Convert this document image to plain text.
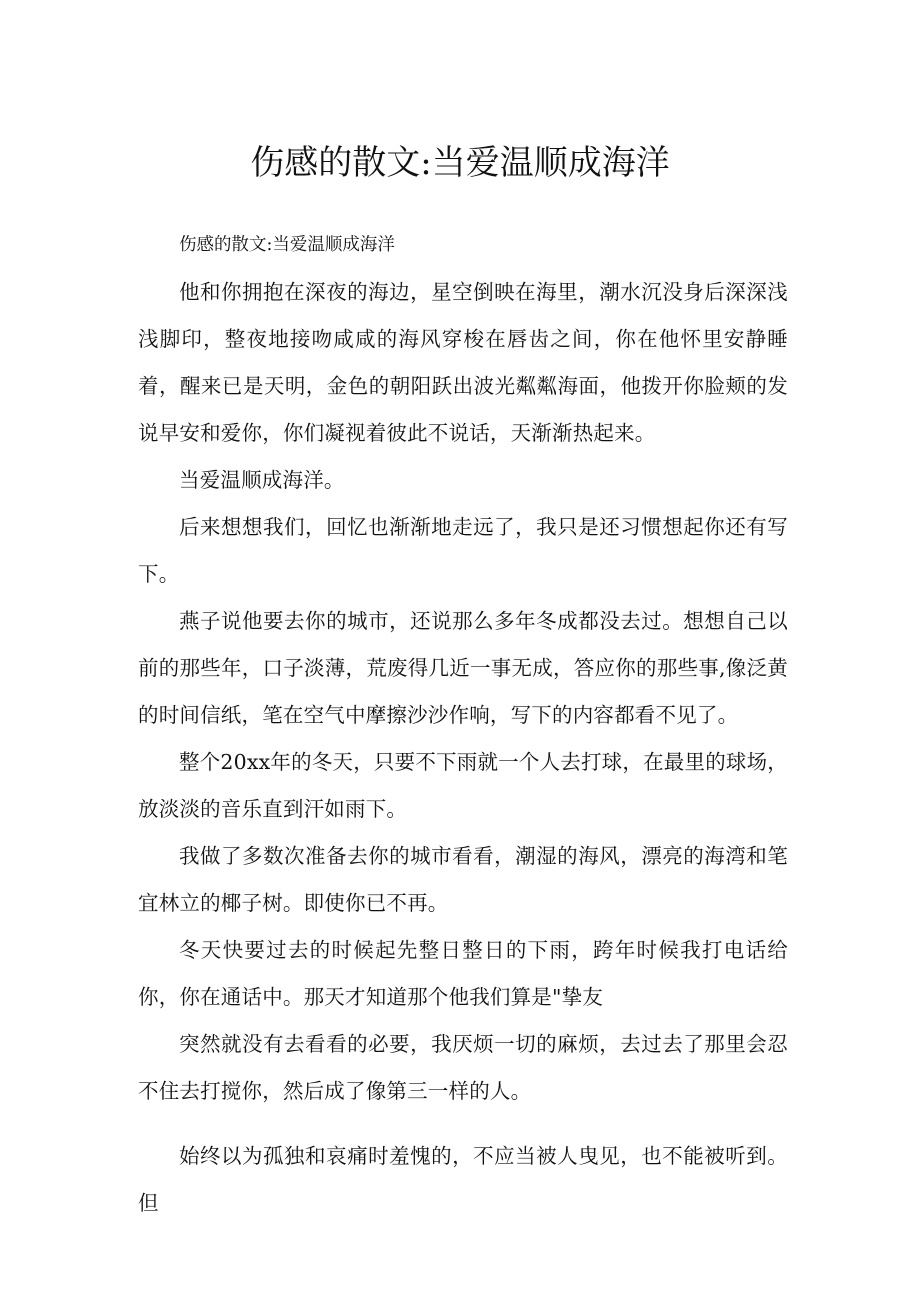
伤感的散文:当爱温顺成海洋

伤感的散文:当爱温顺成海洋

他和你拥抱在深夜的海边，星空倒映在海里，潮水沉没身后深深浅浅脚印，整夜地接吻咸咸的海风穿梭在唇齿之间，你在他怀里安静睡着，醒来已是天明，金色的朝阳跃出波光粼粼海面，他拨开你脸颊的发说早安和爱你，你们凝视着彼此不说话，天渐渐热起来。

当爱温顺成海洋。

后来想想我们，回忆也渐渐地走远了，我只是还习惯想起你还有写下。

燕子说他要去你的城市，还说那么多年冬成都没去过。想想自己以前的那些年，口子淡薄，荒废得几近一事无成，答应你的那些事,像泛黄的时间信纸，笔在空气中摩擦沙沙作响，写下的内容都看不见了。

整个20xx年的冬天，只要不下雨就一个人去打球，在最里的球场，放淡淡的音乐直到汗如雨下。

我做了多数次准备去你的城市看看，潮湿的海风，漂亮的海湾和笔宜林立的椰子树。即使你已不再。

冬天快要过去的时候起先整日整日的下雨，跨年时候我打电话给你，你在通话中。那天才知道那个他我们算是"挚友

突然就没有去看看的必要，我厌烦一切的麻烦，去过去了那里会忍不住去打搅你，然后成了像第三一样的人。

始终以为孤独和哀痛时羞愧的，不应当被人曳见，也不能被听到。但
